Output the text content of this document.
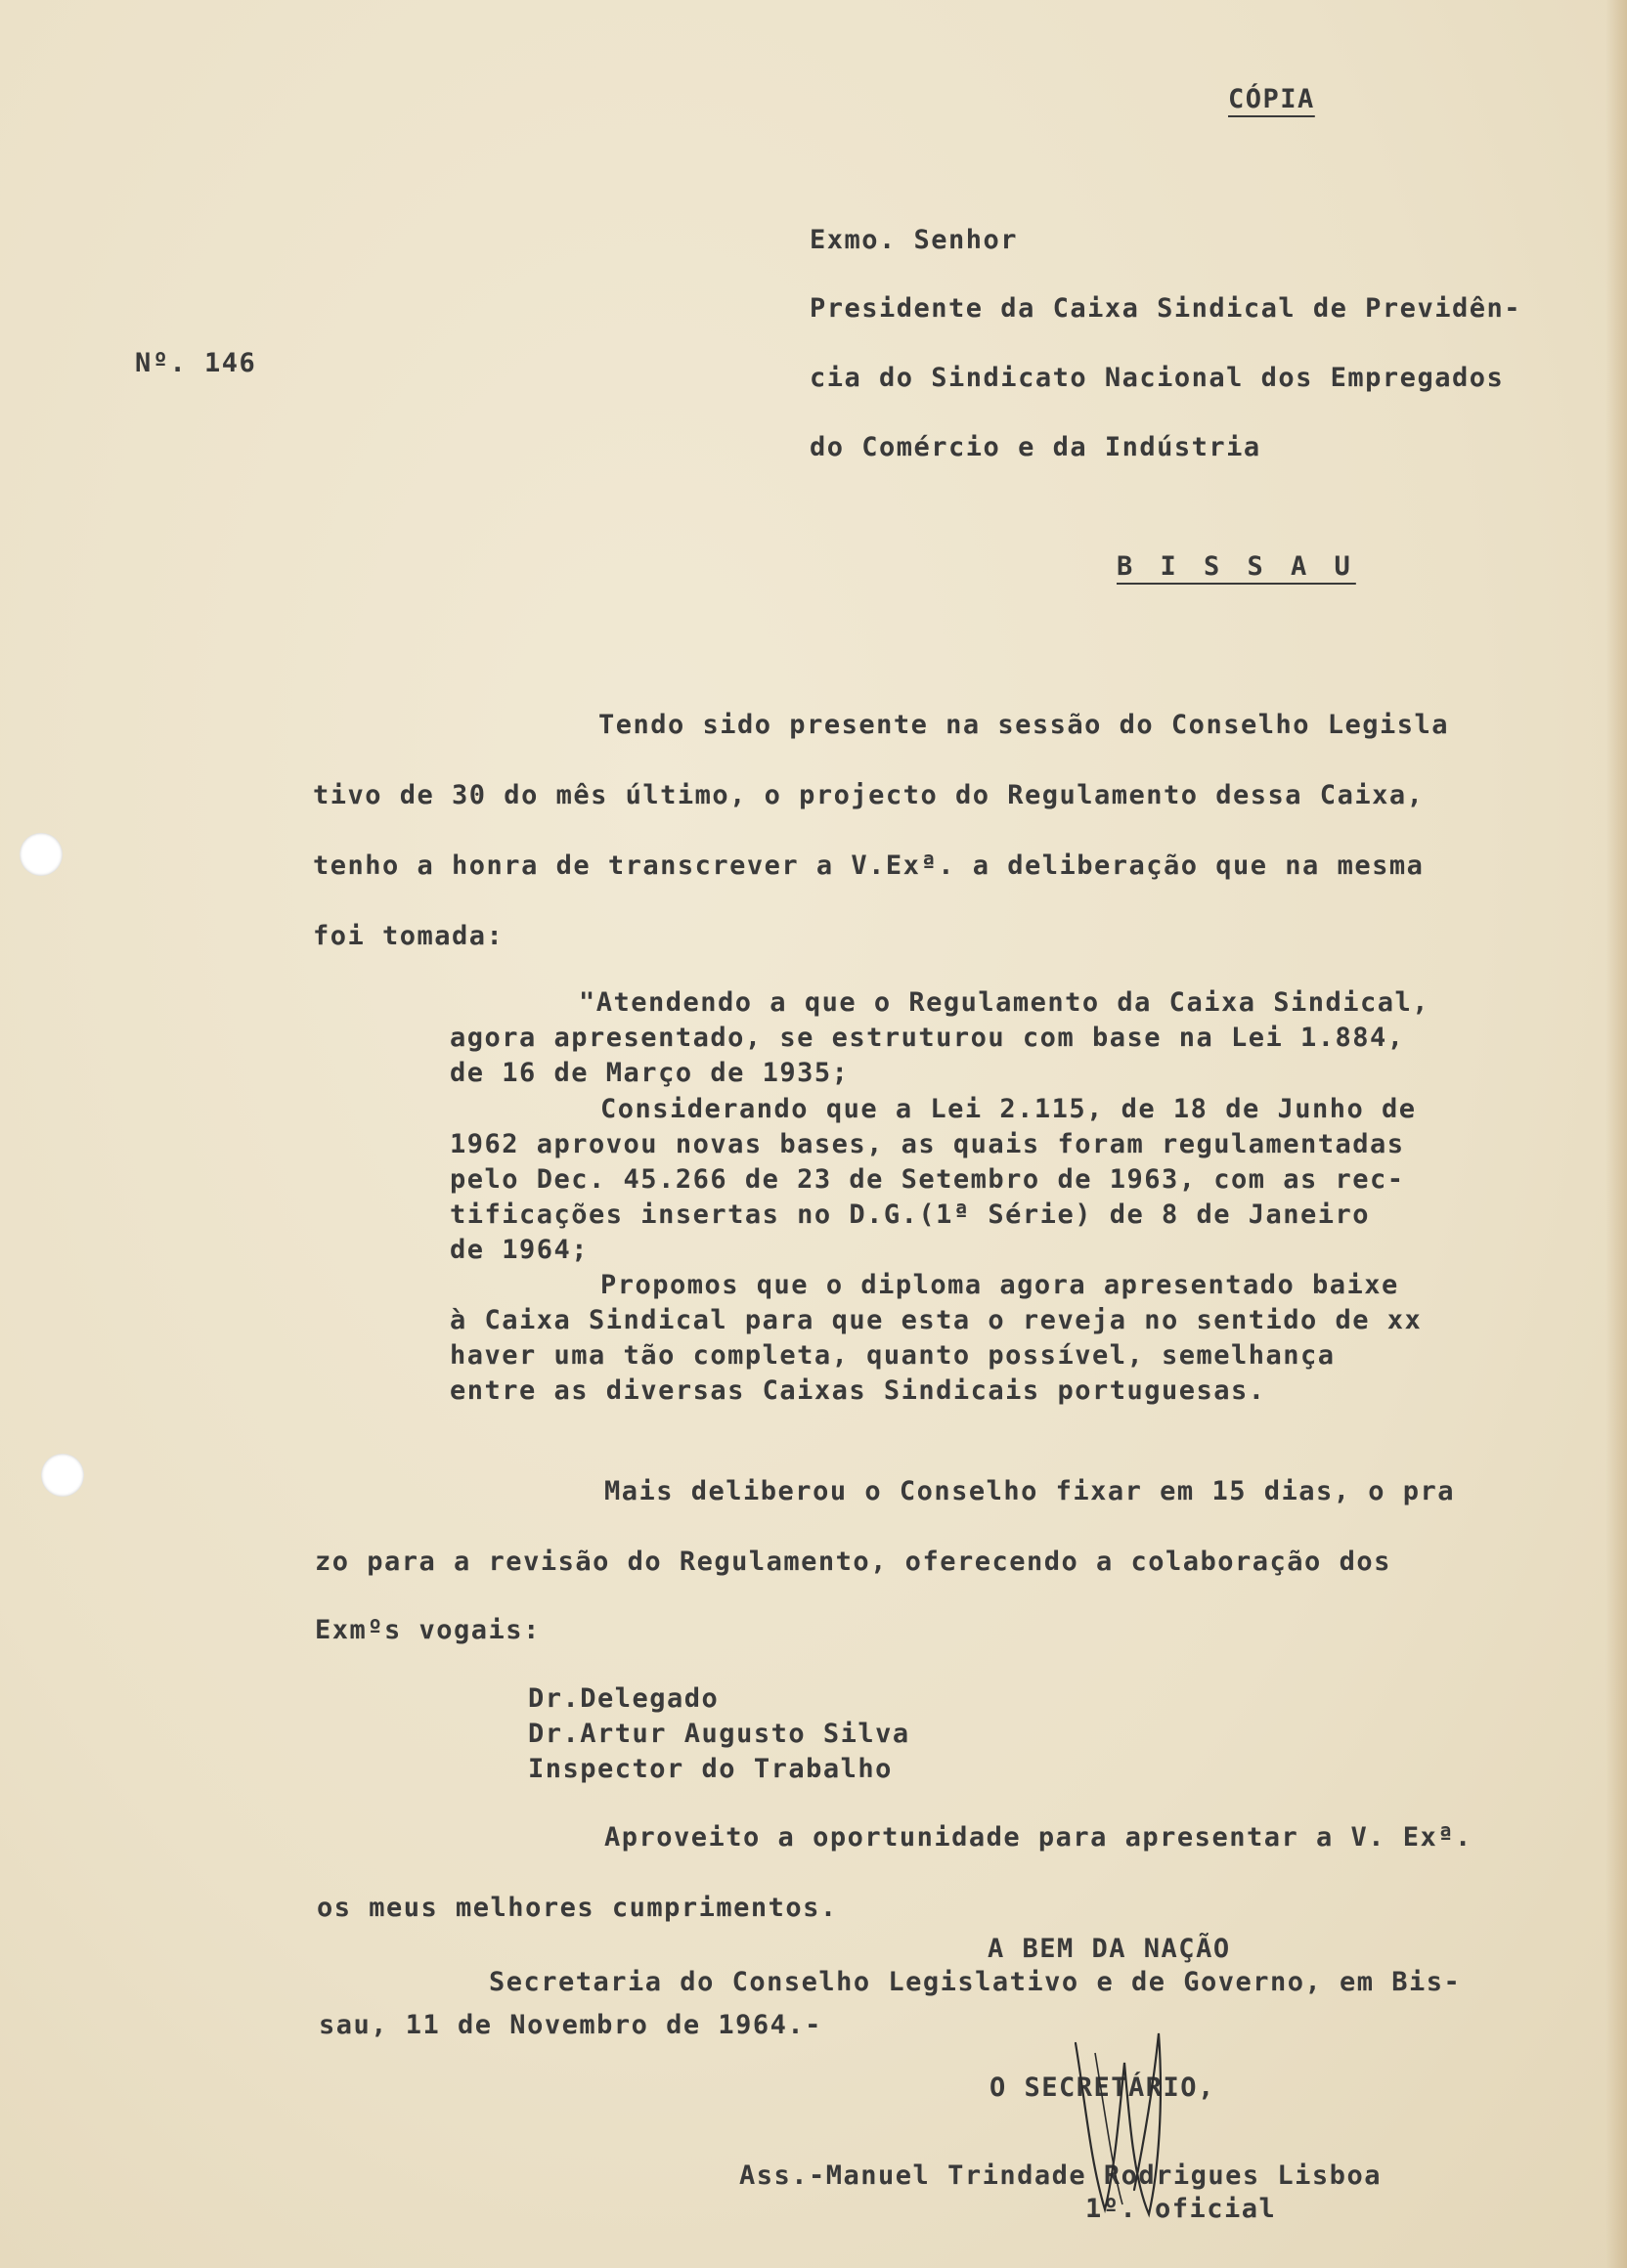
CÓPIA
Nº. 146
Exmo. Senhor
Presidente da Caixa Sindical de Previdên-
cia do Sindicato Nacional dos Empregados
do Comércio e da Indústria
B I S S A U
Tendo sido presente na sessão do Conselho Legisla
tivo de 30 do mês último, o projecto do Regulamento dessa Caixa,
tenho a honra de transcrever a V.Exª. a deliberação que na mesma
foi tomada:
"Atendendo a que o Regulamento da Caixa Sindical,
agora apresentado, se estruturou com base na Lei 1.884,
de 16 de Março de 1935;
Considerando que a Lei 2.115, de 18 de Junho de
1962 aprovou novas bases, as quais foram regulamentadas
pelo Dec. 45.266 de 23 de Setembro de 1963, com as rec-
tificações insertas no D.G.(1ª Série) de 8 de Janeiro
de 1964;
Propomos que o diploma agora apresentado baixe
à Caixa Sindical para que esta o reveja no sentido de xx
haver uma tão completa, quanto possível, semelhança
entre as diversas Caixas Sindicais portuguesas.
Mais deliberou o Conselho fixar em 15 dias, o pra
zo para a revisão do Regulamento, oferecendo a colaboração dos
Exmºs vogais:
Dr.Delegado
Dr.Artur Augusto Silva
Inspector do Trabalho
Aproveito a oportunidade para apresentar a V. Exª.
os meus melhores cumprimentos.
A BEM DA NAÇÃO
Secretaria do Conselho Legislativo e de Governo, em Bis-
sau, 11 de Novembro de 1964.-
O SECRETÁRIO,
Ass.-Manuel Trindade Rodrigues Lisboa
1º. oficial
